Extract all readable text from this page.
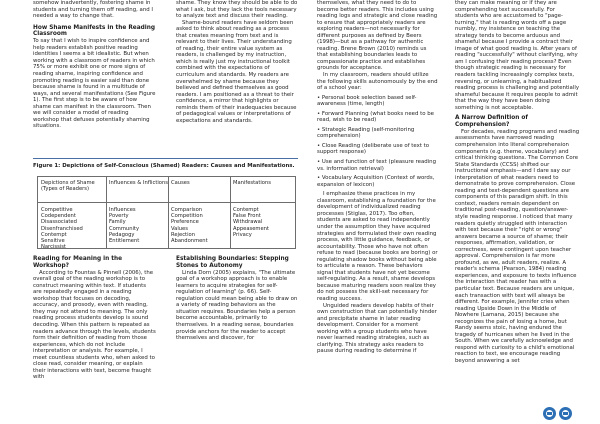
somehow inadvertently, fostering shame in students and turning them off reading, and I needed a way to change that.

How Shame Manifests in the Reading Classroom

To say that I wish to inspire confidence and help readers establish positive reading identities I seems a bit idealistic. But when working with a classroom of readers in which 75% or more exhibit one or more signs of reading shame, inspiring confidence and promoting reading is easier said than done because shame is found in a multitude of ways, and several manifestations (See Figure 1). The first step is to be aware of how shame can manifest in the classroom. Then we will consider a model of reading workshop that defuses potentially shaming situations.

shame. They know they should be able to do what I ask, but they lack the tools necessary to analyze text and discuss their reading.

Shame-bound readers have seldom been asked to think about reading as a process that creates meaning from text and is relevant to their lives. Their understanding of reading, their entire value system as readers, is challenged by my instruction, which is really just my instructional toolkit combined with the expectations of curriculum and standards. My readers are overwhelmed by shame because they believed and defined themselves as good readers. I am positioned as a threat to their confidence, a mirror that highlights or reminds them of their inadequacies because of pedagogical values or interpretations of expectations and standards.

Figure 1: Depictions of Self-Conscious (Shamed) Readers: Causes and Manifestations.
Depictions of Shame (Types of Readers)
Competitive
Codependent
Disassociated
Disenfranchised
Contempt
Sensitive
Narcissist
Influences & Inflictions
Influences
Poverty
Family
Community
Pedagogy
Entitlement
Causes
Comparison
Competition
Preference
Values
Rejection
Abandonment
Manifestations
Contempt
False Front
Withdrawal
Appeasement
Privacy

Reading for Meaning in the Workshop?

According to Fountas & Pinnell (2006), the overall goal of the reading workshop is to construct meaning within text. If students are repeatedly engaged in a reading workshop that focuses on decoding, accuracy, and prosody, even with reading, they may not attend to meaning. The only reading process students develop is sound decoding. When this pattern is repeated as readers advance through the levels, students form their definition of reading from those experiences, which do not include interpretation or analysis. For example, I meet countless students who, when asked to close read, consider meaning, or explain their interactions with text, become fraught with

Establishing Boundaries: Stepping Stones to Autonomy

Linda Dorn (2005) explains, "The ultimate goal of a workshop approach is to enable learners to acquire strategies for self-regulation of learning" (p. 66). Self-regulation could mean being able to draw on a variety of reading behaviors as the situation requires. Boundaries help a person become accountable, primarily to themselves. In a reading sense, boundaries provide anchors for the reader to accept themselves and discover, for

themselves, what they need to do to become better readers. This includes using reading logs and strategic and close reading to ensure that appropriately readers are exploring readers—not necessarily for different purposes as defined by Beers (1998)—but as a pathway for authentic reading. Brene Brown (2010) reminds us that establishing boundaries leads to compassionate practice and establishes grounds for acceptance.

In my classroom, readers should utilize the following skills autonomously by the end of a school year:

• Personal book selection based self-awareness (time, length)

• Forward Planning (what books need to be read, wish to be read)

• Strategic Reading (self-monitoring comprehension)

• Close Reading (deliberate use of text to support response)

• Use and function of text (pleasure reading vs. information retrieval)

• Vocabulary Acquisition (Context of words, expansion of lexicon)

I emphasize these practices in my classroom, establishing a foundation for the development of individualized reading processes (Stiglas, 2017). Too often, students are asked to read independently under the assumption they have acquired strategies and formulated their own reading process, with little guidance, feedback, or accountability. Those who have not often refuse to read (because books are boring) or regulating shadow books without being able to articulate a reason. These behaviors signal that students have not yet become self-regulating. As a result, shame develops because maturing readers soon realize they do not possess the skill-set necessary for reading success.

Unguided readers develop habits of their own construction that can potentially hinder and precipitate shame in later reading development. Consider for a moment working with a group students who have never learned reading strategies, such as clarifying. This strategy asks readers to pause during reading to determine if

they can make meaning or if they are comprehending text successfully. For students who are accustomed to "page-turning," that is reading words off a page numbly, my insistence on teaching the strategy tends to become arduous and shameful because I provide a contract their image of what good reading is. After years of reading "successfully" without clarifying, why am I confusing their reading process? Even though strategic reading is necessary for readers tackling increasingly complex texts, reversing, or unlearning, a habitualized reading process is challenging and potentially shameful because it requires people to admit that the way they have been doing something is not acceptable.

A Narrow Definition of Comprehension?

For decades, reading programs and reading assessments have narrowed reading comprehension into literal comprehension components (e.g. theme, vocabulary) and critical thinking questions. The Common Core State Standards (CCSS) shifted our instructional emphasis—and I dare say our interpretation of what readers need to demonstrate to prove comprehension. Close reading and text-dependent questions are components of this paradigm shift. In this context, readers remain dependent on traditional post-reading, question/answer-style reading response. I noticed that many readers quietly struggled with interaction with text because their "right or wrong" answers became a source of shame; their responses, affirmation, validation, or correctness, were contingent upon teacher approval. Comprehension is far more profound, as we, adult readers, realize. A reader's schema (Pearson, 1984) reading experiences, and exposure to texts influence the interaction that reader has with a particular text. Because readers are unique, each transaction with text will always be different. For example, Jennifer cries when reading Upside Down in the Middle of Nowhere (Lamana, 2015) because she recognizes the pain of losing a home, but Randy seems stoic, having endured the tragedy of hurricanes when he lived in the South. When we carefully acknowledge and respond with curiosity to a child's emotional reaction to text, we encourage reading beyond answering a set
